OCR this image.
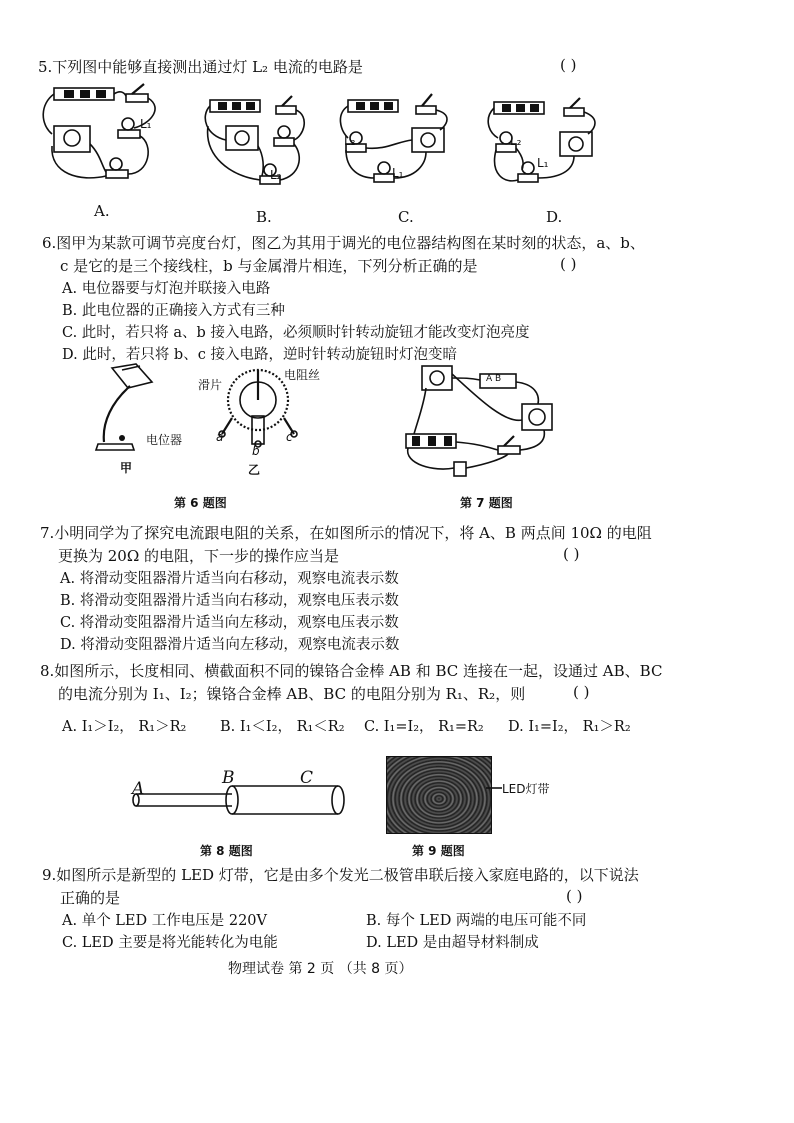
5.下列图中能够直接测出通过灯 L₂ 电流的电路是	( )
L₁
A.
L₂
B.
L₂
L₁
C.
L₂
L₁
D.
6.图甲为某款可调节亮度台灯，图乙为其用于调光的电位器结构图在某时刻的状态，a、b、
c 是它的是三个接线柱，b 与金属滑片相连，下列分析正确的是	( )
A. 电位器要与灯泡并联接入电路
B. 此电位器的正确接入方式有三种
C. 此时，若只将 a、b 接入电路，必须顺时针转动旋钮才能改变灯泡亮度
D. 此时，若只将 b、c 接入电路，逆时针转动旋钮时灯泡变暗
电位器
甲
滑片
电阻丝
a
b
c
乙
第 6 题图
A B
第 7 题图
7.小明同学为了探究电流跟电阻的关系，在如图所示的情况下，将 A、B 两点间 10Ω 的电阻
更换为 20Ω 的电阻，下一步的操作应当是	( )
A. 将滑动变阻器滑片适当向右移动，观察电流表示数
B. 将滑动变阻器滑片适当向右移动，观察电压表示数
C. 将滑动变阻器滑片适当向左移动，观察电压表示数
D. 将滑动变阻器滑片适当向左移动，观察电流表示数
8.如图所示，长度相同、横截面积不同的镍铬合金棒 AB 和 BC 连接在一起，设通过 AB、BC
的电流分别为 I₁、I₂；镍铬合金棒 AB、BC 的电阻分别为 R₁、R₂，则	( )
A. I₁＞I₂， R₁＞R₂ B. I₁＜I₂， R₁＜R₂ C. I₁=I₂， R₁=R₂ D. I₁=I₂， R₁＞R₂
A
B	C
第 8 题图
LED灯带
第 9 题图
9.如图所示是新型的 LED 灯带，它是由多个发光二极管串联后接入家庭电路的，以下说法
正确的是	( )
A. 单个 LED 工作电压是 220V	B. 每个 LED 两端的电压可能不同
C. LED 主要是将光能转化为电能	D. LED 是由超导材料制成
物理试卷 第 2 页 （共 8 页）
